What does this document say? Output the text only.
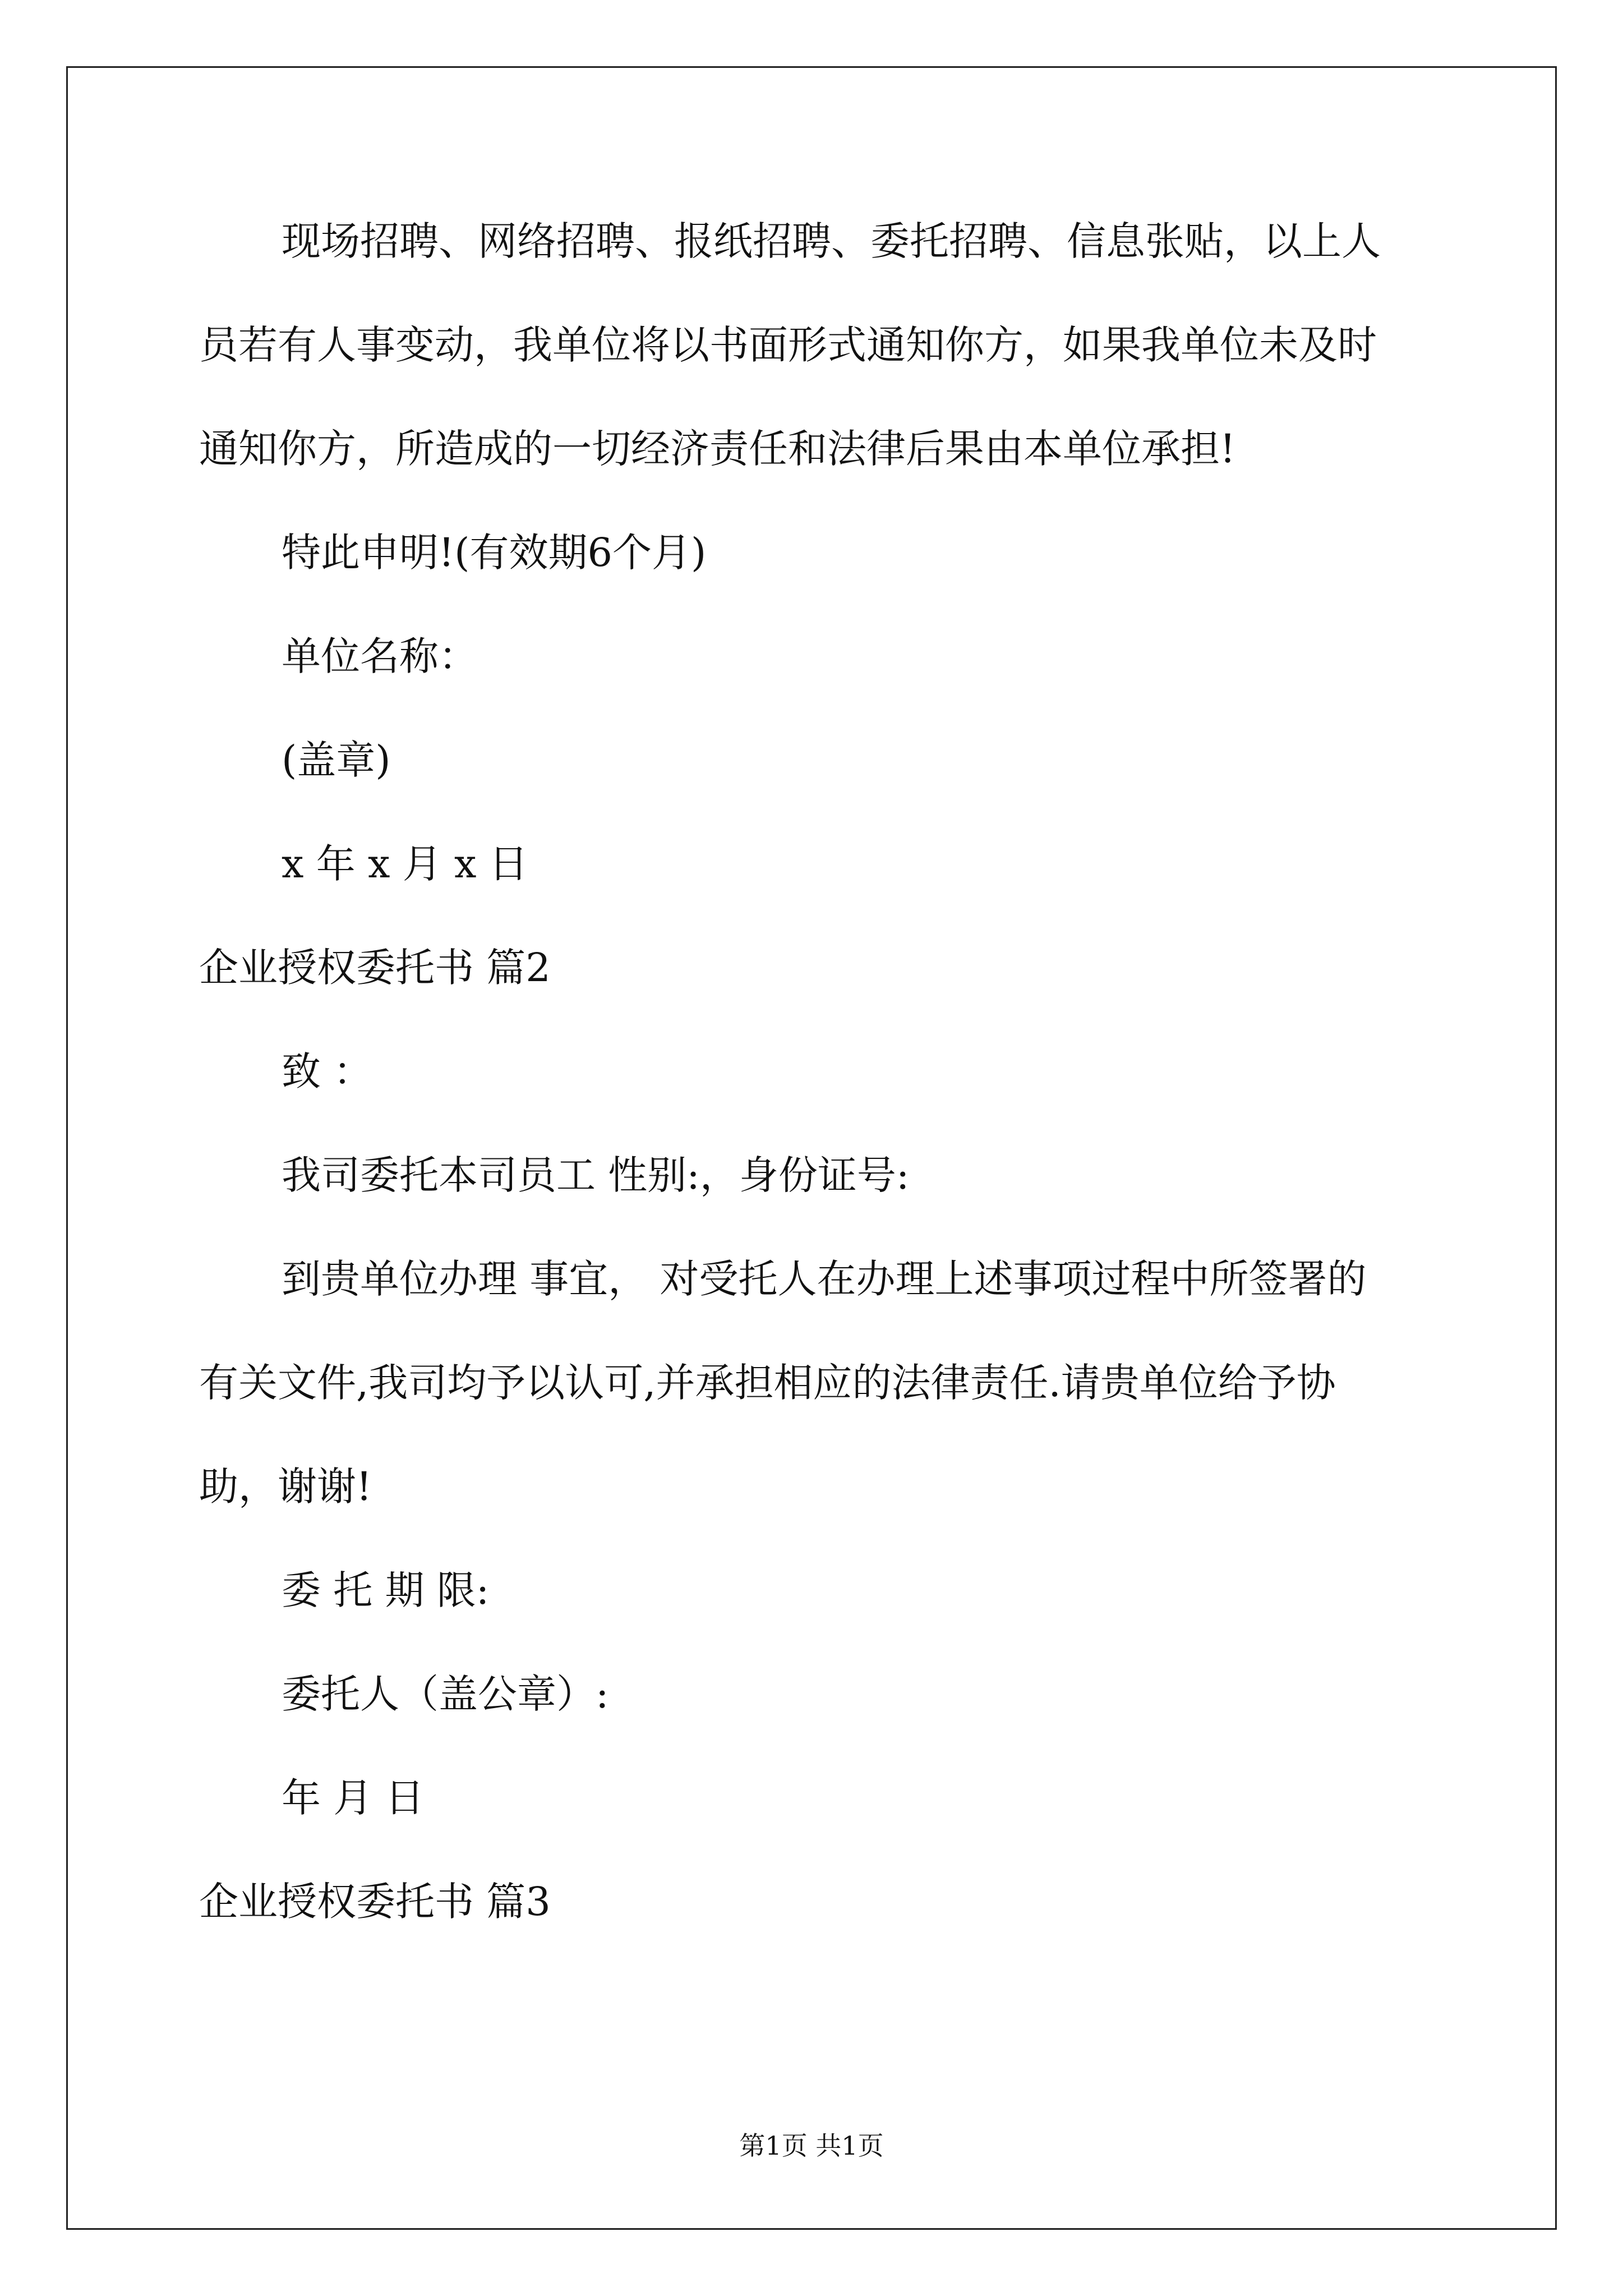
现场招聘、网络招聘、报纸招聘、委托招聘、信息张贴，以上人
员若有人事变动，我单位将以书面形式通知你方，如果我单位未及时
通知你方，所造成的一切经济责任和法律后果由本单位承担!
特此申明!(有效期6个月)
单位名称：
(盖章)
x 年 x 月 x 日
企业授权委托书 篇2
致 ：
我司委托本司员工 性别:，身份证号:
到贵单位办理 事宜， 对受托人在办理上述事项过程中所签署的
有关文件,我司均予以认可,并承担相应的法律责任.请贵单位给予协
助，谢谢!
委 托 期 限:
委托人（盖公章）:
年 月 日
企业授权委托书 篇3
第1页 共1页
